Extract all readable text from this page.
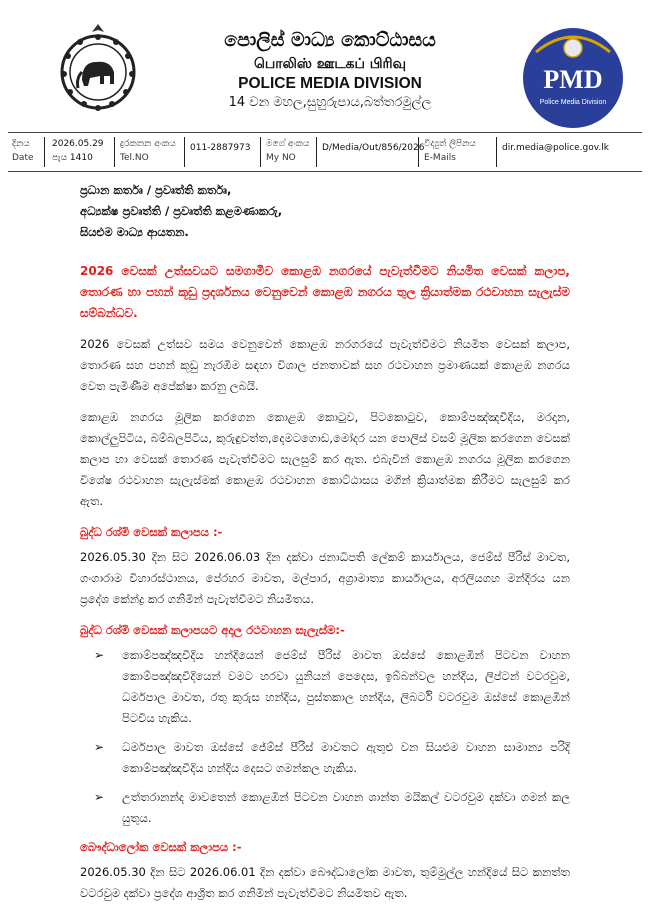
පොලිස් මාධ්‍ය කොට්ඨාසය
பொலிஸ் ஊடகப் பிரிவு
POLICE MEDIA DIVISION
14 වන මහල,සුහුරුපාය,බත්තරමුල්ල
PMD
Police Media Division
දිනය
Date
2026.05.29
පැය 1410
දුරකතන අංකය
Tel.NO
011-2887973 මගේ අංකය
My NO
D/Media/Out/856/2026 විද්‍යුත් ලිපිනය
E-Mails
dir.media@police.gov.lk
ප්‍රධාන කර්තෘ / ප්‍රවෘත්ති කර්තෘ,
අධ්‍යක්ෂ ප්‍රවෘත්ති / ප්‍රවෘත්ති කළමණාකරු,
සියළුම මාධ්‍ය ආයතන.
2026 වෙසක් උත්සවයට සමගාමීව කොළඹ නගරයේ පැවැත්වීමට නියමිත වෙසක් කලාප, තොරණ හා පහන් කූඩු ප්‍රදර්ශනය වෙනුවෙන් කොළඹ නගරය තුල ක්‍රියාත්මක රථවාහන සැලැස්ම සම්බන්ධව.
2026 වෙසක් උත්සව සමය වෙනුවෙන් කොළඹ නරගරයේ පැවැත්වීමට නියමිත වෙසක් කලාප, තොරණ සහ පහන් කූඩු නැරඹීම සඳහා විශාල ජනතාවක් සහ රථවාහන ප්‍රමාණයක් කොළඹ නගරය වෙත පැමිණීම අපේක්ෂා කරනු ලබයි.
කොළඹ නගරය මූලික කරගෙන කොළඹ කොටුව, පිටකොටුව, කොම්පඤ්ඤවීදිය, මරදාන, කොල්ලුපිටිය, බම්බලපිටිය, කුරුඳුවත්ත,දෙමටගොඩ,මෝදර යන පොලිස් වසම් මූලික කරගෙන වෙසක් කලාප හා වෙසක් තොරණ පැවැත්වීමට සැලසුම් කර ඇත. එබැවින් කොළඹ නගරය මූලික කරගෙන විශේෂ රථවාහන සැලැස්මක් කොළඹ රථවාහන කොට්ඨාසය මගින් ක්‍රියාත්මක කිරීමට සැලසුම් කර ඇත.
බුද්ධ රශ්මි වෙසක් කලාපය :-
2026.05.30 දින සිට 2026.06.03 දින දක්වා ජනාධිපති ලේකම් කාර්යාලය, ජෙම්ස් පීරිස් මාවත, ගංගාරාම විහාරස්ථානය, පේරහර මාවත, මල්පාර, අග්‍රාමාත්‍ය කාර්යාලය, අරලියගහ මන්දිරය යන ප්‍රදේශ කේන්ද්‍ර කර ගනිමින් පැවැත්වීමට නියමිතය.
බුද්ධ රශ්මි වෙසක් කලාපයට අදාල රථවාහන සැලැස්ම:-
➢ කොම්පඤ්ඤවීදිය හන්දියෙන් ජෙම්ස් පීරිස් මාවත ඔස්සේ කොළඹින් පිටවන වාහන කොම්පඤ්ඤවීදියෙන් වමට හරවා යුනියන් පෙදෙස, ඉබ්බන්වල හන්දිය, ලිප්ටන් වටරවුම, ධර්මපාල මාවත, රතු කුරුස හන්දිය, පුස්තකාල හන්දිය, ලිබර්ටි වටරවුම ඔස්සේ කොළඹින් පිටවිය හැකිය.
➢ ධර්මපාල මාවත ඔස්සේ ජේම්ස් පීරිස් මාවතට ඇතුළු වන සියළුම වාහන සාමාන්‍ය පරිදි කොම්පඤ්ඤවීදිය හන්දිය දෙසට ගමන්කල හැකිය.
➢ උත්තරානන්ද මාවතෙන් කොළඹින් පිටවන වාහන ශාන්ත මයිකල් වටරවුම දක්වා ගමන් කල යුතුය.
බෞද්ධාලෝක වෙසක් කලාපය :-
2026.05.30 දින සිට 2026.06.01 දින දක්වා බෞද්ධාලෝක මාවත, තුම්මුල්ල හන්දියේ සිට කනත්ත වටරවුම දක්වා ප්‍රදේශ ආශ්‍රිත කර ගනිමින් පැවැත්වීමට නියමිතව ඇත.
